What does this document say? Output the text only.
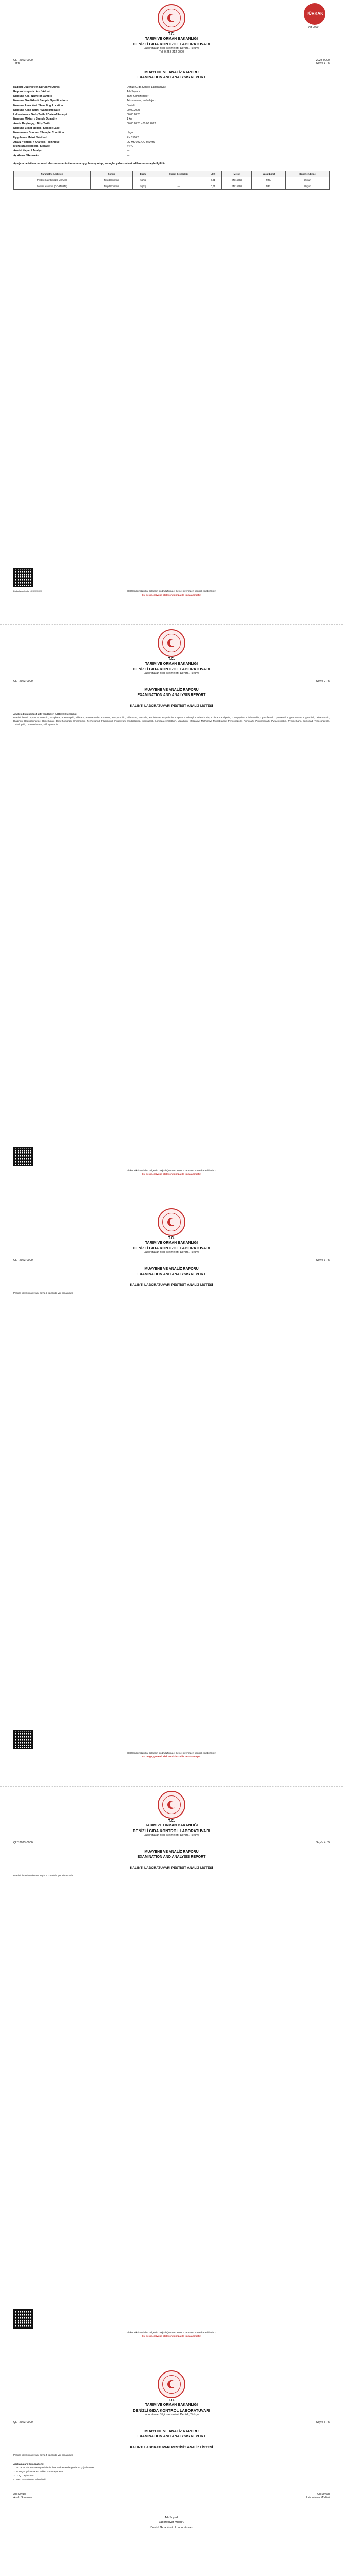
TÜRKAK
AB-0000-T
T.C.
TARIM VE ORMAN BAKANLIĞI
DENİZLİ GIDA KONTROL LABORATUVARI
Laboratuvar Bilgi İşletmeleri, Denizli, Türkiye
Tel: 0 258 212 9000
ÇLT-2023-0000
Tarih
2023-0000
Sayfa 1 / 5
MUAYENE VE ANALİZ RAPORU
EXAMINATION AND ANALYSIS REPORT
Raporu Düzenleyen Kurum ve Adresi	Denizli Gıda Kontrol Laboratuvarı
Raporu İsteyenin Adı / Adresi	Adı Soyadı
Numune Adı / Name of Sample	Taze Kırmızı Biber
Numune Özellikleri / Sample Specifications	Tek numune, ambalajsız
Numune Alma Yeri / Sampling Location	Denizli
Numune Alma Tarihi / Sampling Date	00.00.2023
Laboratuvara Geliş Tarihi / Date of Receipt	00.00.2023
Numune Miktarı / Sample Quantity	1 kg
Analiz Başlangıç / Bitiş Tarihi	00.00.2023 - 00.00.2023
Numune Etiket Bilgisi / Sample Label	—
Numunenin Durumu / Sample Condition	Uygun
Uygulanan Metot / Method	EN 15662
Analiz Yöntemi / Analysis Technique	LC-MS/MS, GC-MS/MS
Muhafaza Koşulları / Storage	+4 °C
Analizi Yapan / Analyst	—
Açıklama / Remarks	—
Aşağıda belirtilen parametreler numunenin tamamına uygulanmış olup, sonuçlar yalnızca test edilen numuneyle ilgilidir.
Parametre Analizleri	Sonuç	Birim	Ölçüm Belirsizliği	LOQ	Metot	Yasal Limit	Değerlendirme
Pestisit Kalıntısı (LC-MS/MS)	Tespit Edilmedi	mg/kg	—	0,01	EN 15662	MRL	Uygun
Pestisit Kalıntısı (GC-MS/MS)	Tespit Edilmedi	mg/kg	—	0,01	EN 15662	MRL	Uygun
Doğrulama Kodu: XXXX-XXXX	Elektronik imzalı bu belgenin doğruluğunu e-Devlet üzerinden kontrol edebilirsiniz.
Bu belge, güvenli elektronik imza ile imzalanmıştır.
T.C.
TARIM VE ORMAN BAKANLIĞI
DENİZLİ GIDA KONTROL LABORATUVARI
Laboratuvar Bilgi İşletmeleri, Denizli, Türkiye
ÇLT-2023-0000	Sayfa 2 / 5
MUAYENE VE ANALİZ RAPORU
EXAMINATION AND ANALYSIS REPORT
KALINTI LABORATUVARI PESTİSİT ANALİZ LİSTESİ
Analiz edilen pestisit aktif maddeleri (LOQ = 0,01 mg/kg):
Pestisit listesi: 2,4-D, Abamectin, Acephate, Acetamiprid, Aldicarb, Ametoctradin, Atrazine, Azoxystrobin, Bifenthrin, Boscalid, Bupirimate, Buprofezin, Captan, Carbaryl, Carbendazim, Chlorantraniliprole, Chlorpyrifos, Clothianidin, Cyazofamid, Cymoxanil, Cypermethrin, Cyprodinil, Deltamethrin, Diazinon, Difenoconazole, Dimethoate, Dimethomorph, Emamectin, Fenhexamid, Fludioxonil, Fluopyram, Imidacloprid, Indoxacarb, Lambda-cyhalothrin, Malathion, Metalaxyl, Methomyl, Myclobutanil, Penconazole, Pirimicarb, Propamocarb, Pyraclostrobin, Pyrimethanil, Spinosad, Tebuconazole, Thiacloprid, Thiamethoxam, Trifloxystrobin.
Elektronik imzalı bu belgenin doğruluğunu e-Devlet üzerinden kontrol edebilirsiniz.
Bu belge, güvenli elektronik imza ile imzalanmıştır.
T.C.
TARIM VE ORMAN BAKANLIĞI
DENİZLİ GIDA KONTROL LABORATUVARI
Laboratuvar Bilgi İşletmeleri, Denizli, Türkiye
ÇLT-2023-0000	Sayfa 3 / 5
MUAYENE VE ANALİZ RAPORU
EXAMINATION AND ANALYSIS REPORT
KALINTI LABORATUVARI PESTİSİT ANALİZ LİSTESİ
Pestisit listesinin devamı sayfa 3 üzerinde yer almaktadır.
Elektronik imzalı bu belgenin doğruluğunu e-Devlet üzerinden kontrol edebilirsiniz.
Bu belge, güvenli elektronik imza ile imzalanmıştır.
T.C.
TARIM VE ORMAN BAKANLIĞI
DENİZLİ GIDA KONTROL LABORATUVARI
Laboratuvar Bilgi İşletmeleri, Denizli, Türkiye
ÇLT-2023-0000	Sayfa 4 / 5
MUAYENE VE ANALİZ RAPORU
EXAMINATION AND ANALYSIS REPORT
KALINTI LABORATUVARI PESTİSİT ANALİZ LİSTESİ
Pestisit listesinin devamı sayfa 4 üzerinde yer almaktadır.
Elektronik imzalı bu belgenin doğruluğunu e-Devlet üzerinden kontrol edebilirsiniz.
Bu belge, güvenli elektronik imza ile imzalanmıştır.
T.C.
TARIM VE ORMAN BAKANLIĞI
DENİZLİ GIDA KONTROL LABORATUVARI
Laboratuvar Bilgi İşletmeleri, Denizli, Türkiye
ÇLT-2023-0000	Sayfa 5 / 5
MUAYENE VE ANALİZ RAPORU
EXAMINATION AND ANALYSIS REPORT
KALINTI LABORATUVARI PESTİSİT ANALİZ LİSTESİ
Pestisit listesinin devamı sayfa 5 üzerinde yer almaktadır.
Açıklamalar / Explanations:
1. Bu rapor laboratuvarın yazılı izni olmadan kısmen kopyalanıp çoğaltılamaz.
2. Sonuçlar yalnızca test edilen numuneye aittir.
3. LOQ: Tayin sınırı.
4. MRL: Maksimum kalıntı limiti.
Adı Soyadı
Analiz Sorumlusu
Adı Soyadı
Laboratuvar Müdürü
Adı Soyadı
Laboratuvar Müdürü
Denizli Gıda Kontrol Laboratuvarı
